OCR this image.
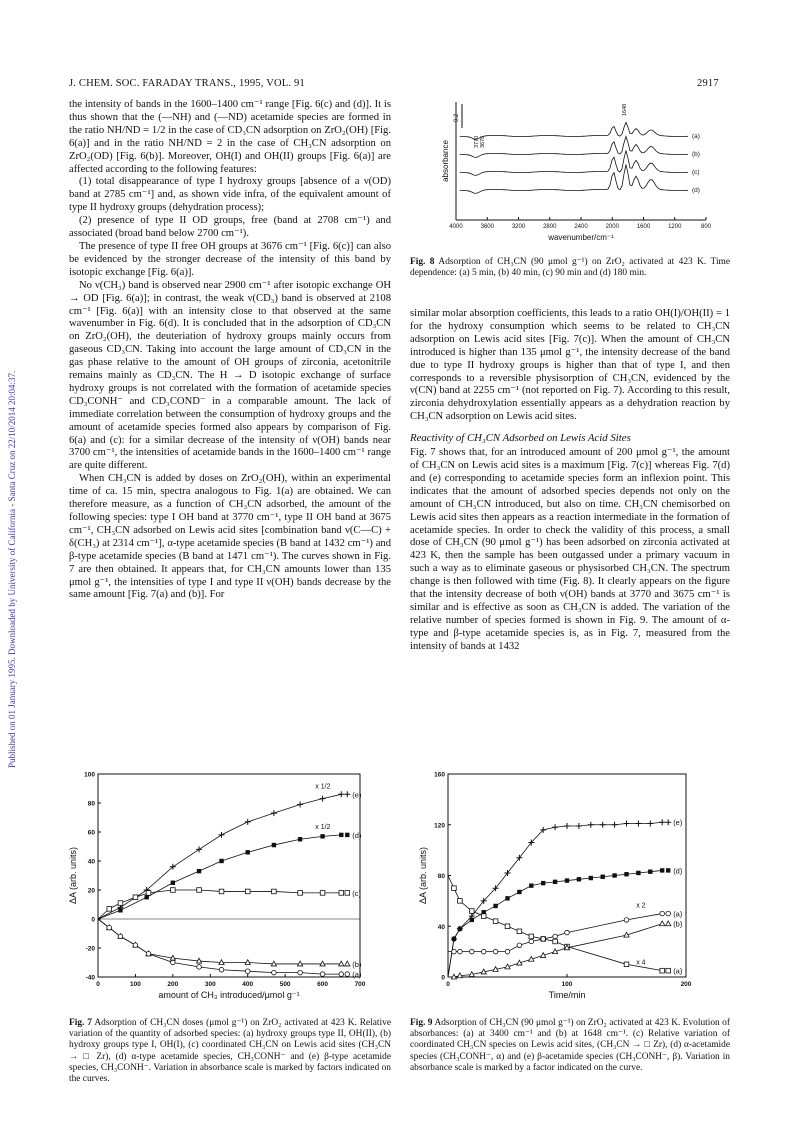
J. CHEM. SOC. FARADAY TRANS., 1995, VOL. 91	2917
Published on 01 January 1995. Downloaded by University of California - Santa Cruz on 22/10/2014 20:04:37.

the intensity of bands in the 1600–1400 cm⁻¹ range [Fig. 6(c) and (d)]. It is thus shown that the (—NH) and (—ND) acetamide species are formed in the ratio NH/ND = 1/2 in the case of CD₃CN adsorption on ZrO₂(OH) [Fig. 6(a)] and in the ratio NH/ND = 2 in the case of CH₃CN adsorption on ZrO₂(OD) [Fig. 6(b)]. Moreover, OH(I) and OH(II) groups [Fig. 6(a)] are affected according to the following features:

(1) total disappearance of type I hydroxy groups [absence of a ν(OD) band at 2785 cm⁻¹] and, as shown vide infra, of the equivalent amount of type II hydroxy groups (dehydration process);

(2) presence of type II OD groups, free (band at 2708 cm⁻¹) and associated (broad band below 2700 cm⁻¹).

The presence of type II free OH groups at 3676 cm⁻¹ [Fig. 6(c)] can also be evidenced by the stronger decrease of the intensity of this band by isotopic exchange [Fig. 6(a)].

No ν(CH₃) band is observed near 2900 cm⁻¹ after isotopic exchange OH → OD [Fig. 6(a)]; in contrast, the weak ν(CD₃) band is observed at 2108 cm⁻¹ [Fig. 6(a)] with an intensity close to that observed at the same wavenumber in Fig. 6(d). It is concluded that in the adsorption of CD₃CN on ZrO₂(OH), the deuteriation of hydroxy groups mainly occurs from gaseous CD₃CN. Taking into account the large amount of CD₃CN in the gas phase relative to the amount of OH groups of zirconia, acetonitrile remains mainly as CD₃CN. The H → D isotopic exchange of surface hydroxy groups is not correlated with the formation of acetamide species CD₃CONH⁻ and CD₃COND⁻ in a comparable amount. The lack of immediate correlation between the consumption of hydroxy groups and the amount of acetamide species formed also appears by comparison of Fig. 6(a) and (c): for a similar decrease of the intensity of ν(OH) bands near 3700 cm⁻¹, the intensities of acetamide bands in the 1600–1400 cm⁻¹ range are quite different.

When CH₃CN is added by doses on ZrO₂(OH), within an experimental time of ca. 15 min, spectra analogous to Fig. 1(a) are obtained. We can therefore measure, as a function of CH₃CN adsorbed, the amount of the following species: type I OH band at 3770 cm⁻¹, type II OH band at 3675 cm⁻¹, CH₃CN adsorbed on Lewis acid sites [combination band ν(C—C) + δ(CH₃) at 2314 cm⁻¹], α-type acetamide species (B band at 1432 cm⁻¹) and β-type acetamide species (B band at 1471 cm⁻¹). The curves shown in Fig. 7 are then obtained. It appears that, for CH₃CN amounts lower than 135 μmol g⁻¹, the intensities of type I and type II ν(OH) bands decrease by the same amount [Fig. 7(a) and (b)]. For

0.2
4000	3600	3200	2800	2400	2000	1600	1200	800
wavenumber/cm⁻¹
absorbance
(d)
(c)
(b)
(a)
3770 3676
1648
Fig. 8 Adsorption of CH₃CN (90 μmol g⁻¹) on ZrO₂ activated at 423 K. Time dependence: (a) 5 min, (b) 40 min, (c) 90 min and (d) 180 min.

similar molar absorption coefficients, this leads to a ratio OH(I)/OH(II) = 1 for the hydroxy consumption which seems to be related to CH₃CN adsorption on Lewis acid sites [Fig. 7(c)]. When the amount of CH₃CN introduced is higher than 135 μmol g⁻¹, the intensity decrease of the band due to type II hydroxy groups is higher than that of type I, and then corresponds to a reversible physisorption of CH₃CN, evidenced by the ν(CN) band at 2255 cm⁻¹ (not reported on Fig. 7). According to this result, zirconia dehydroxylation essentially appears as a dehydration reaction by CH₃CN adsorption on Lewis acid sites.

Reactivity of CH₃CN Adsorbed on Lewis Acid Sites

Fig. 7 shows that, for an introduced amount of 200 μmol g⁻¹, the amount of CH₃CN on Lewis acid sites is a maximum [Fig. 7(c)] whereas Fig. 7(d) and (e) corresponding to acetamide species form an inflexion point. This indicates that the amount of adsorbed species depends not only on the amount of CH₃CN introduced, but also on time. CH₃CN chemisorbed on Lewis acid sites then appears as a reaction intermediate in the formation of acetamide species. In order to check the validity of this process, a small dose of CH₃CN (90 μmol g⁻¹) has been adsorbed on zirconia activated at 423 K, then the sample has been outgassed under a primary vacuum in such a way as to eliminate gaseous or physisorbed CH₃CN. The spectrum change is then followed with time (Fig. 8). It clearly appears on the figure that the intensity decrease of both ν(OH) bands at 3770 and 3675 cm⁻¹ is similar and is effective as soon as CH₃CN is added. The variation of the relative number of species formed is shown in Fig. 9. The amount of α-type and β-type acetamide species is, as in Fig. 7, measured from the intensity of bands at 1432

0	100	200	300	400	500	600	700
100
80
60
40
20
0
-20
-40
amount of CH₃ introduced/μmol g⁻¹
ΔA (arb. units)
(e)
x 1/2
(d)
x 1/2
(c)
(b)
(a)
Fig. 7 Adsorption of CH₃CN doses (μmol g⁻¹) on ZrO₂ activated at 423 K. Relative variation of the quantity of adsorbed species: (a) hydroxy groups type II, OH(II), (b) hydroxy groups type I, OH(I), (c) coordinated CH₃CN on Lewis acid sites (CH₃CN → □ Zr), (d) α-type acetamide species, CH₃CONH⁻ and (e) β-type acetamide species, CH₃CONH⁻. Variation in absorbance scale is marked by factors indicated on the curves.
0	100	200
160
120
80
40
0
Time/min
ΔA (arb. units)
(e)
(d)
(a)
x 4
(a)
x 2
(b)
Fig. 9 Adsorption of CH₃CN (90 μmol g⁻¹) on ZrO₂ activated at 423 K. Evolution of absorbances: (a) at 3400 cm⁻¹ and (b) at 1648 cm⁻¹. (c) Relative variation of coordinated CH₃CN species on Lewis acid sites, (CH₃CN → □ Zr), (d) α-acetamide species (CH₃CONH⁻, α) and (e) β-acetamide species (CH₃CONH⁻, β). Variation in absorbance scale is marked by a factor indicated on the curve.
